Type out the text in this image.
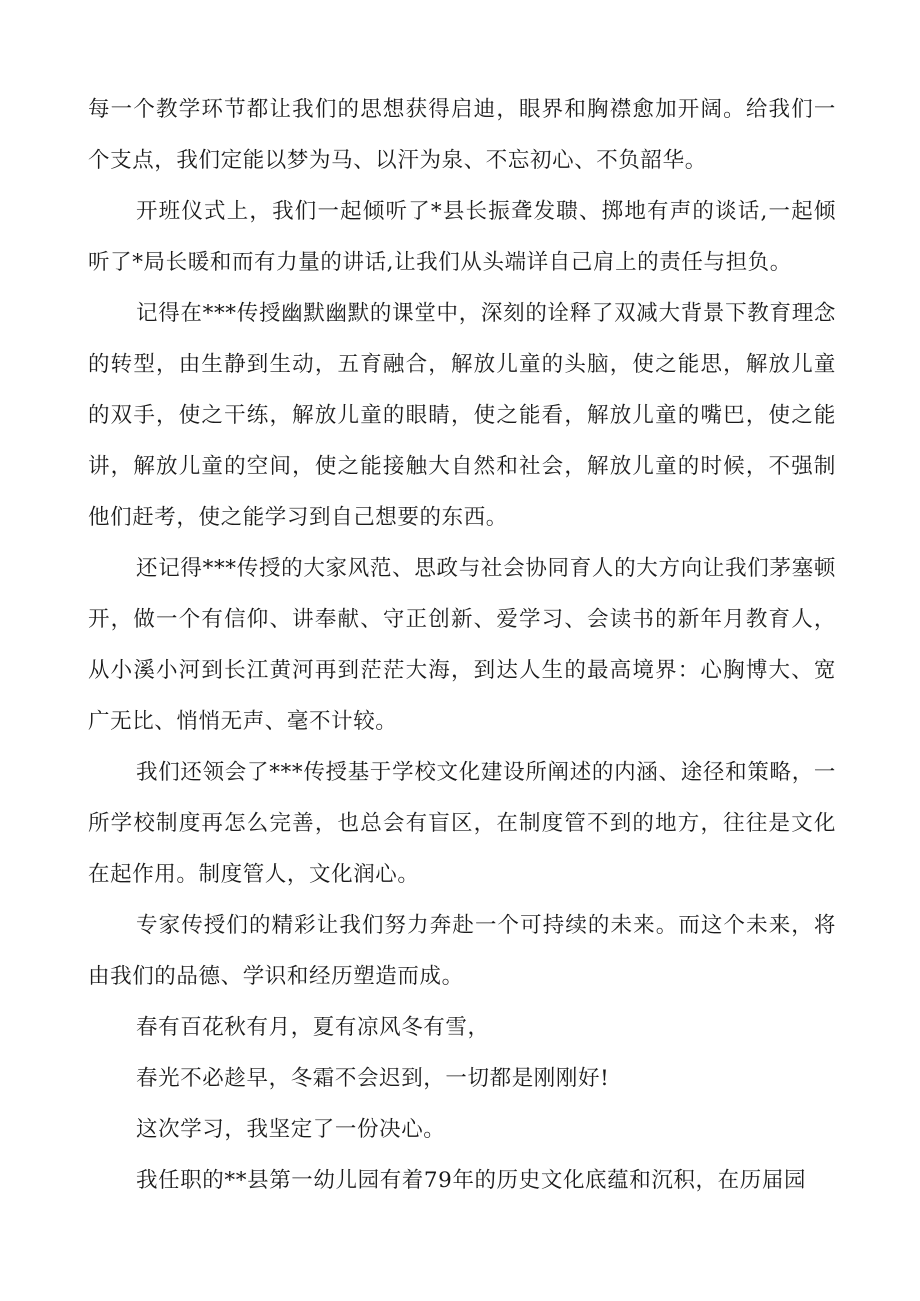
每一个教学环节都让我们的思想获得启迪，眼界和胸襟愈加开阔。给我们一个支点，我们定能以梦为马、以汗为泉、不忘初心、不负韶华。

开班仪式上，我们一起倾听了*县长振聋发聩、掷地有声的谈话,一起倾听了*局长暖和而有力量的讲话,让我们从头端详自己肩上的责任与担负。

记得在***传授幽默幽默的课堂中，深刻的诠释了双减大背景下教育理念的转型，由生静到生动，五育融合，解放儿童的头脑，使之能思，解放儿童的双手，使之干练，解放儿童的眼睛，使之能看，解放儿童的嘴巴，使之能讲，解放儿童的空间，使之能接触大自然和社会，解放儿童的时候，不强制他们赶考，使之能学习到自己想要的东西。

还记得***传授的大家风范、思政与社会协同育人的大方向让我们茅塞顿开，做一个有信仰、讲奉献、守正创新、爱学习、会读书的新年月教育人，从小溪小河到长江黄河再到茫茫大海，到达人生的最高境界：心胸博大、宽广无比、悄悄无声、毫不计较。

我们还领会了***传授基于学校文化建设所阐述的内涵、途径和策略，一所学校制度再怎么完善，也总会有盲区，在制度管不到的地方，往往是文化在起作用。制度管人，文化润心。

专家传授们的精彩让我们努力奔赴一个可持续的未来。而这个未来，将由我们的品德、学识和经历塑造而成。

春有百花秋有月，夏有凉风冬有雪，

春光不必趁早，冬霜不会迟到，一切都是刚刚好!

这次学习，我坚定了一份决心。

我任职的**县第一幼儿园有着79年的历史文化底蕴和沉积，在历届园
